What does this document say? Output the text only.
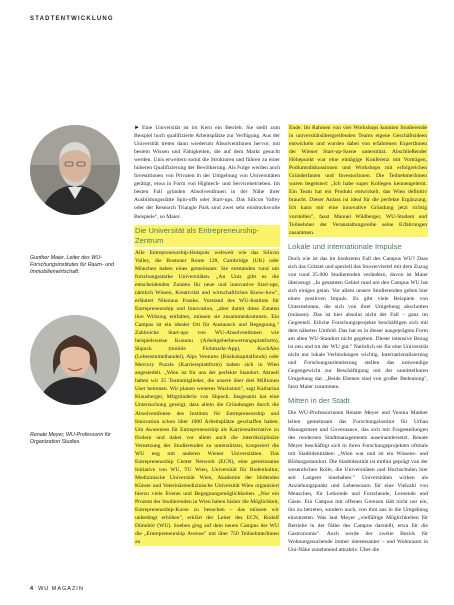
STADTENTWICKLUNG
Gunther Maier, Leiter des WU-Forschungsinstitutes für Raum- und Immobilienwirtschaft.
Renate Meyer, WU-Professorin für Organization Studies.

► Eine Universität ist im Kern ein Betrieb. Sie stellt zum Beispiel hoch qualifizierte Arbeitsplätze zur Verfügung. Aus der Universität treten dann wiederum AbsolventInnen hervor, mit bestem Wissen und Fähigkeiten, die auf dem Markt gesucht werden. Unis erweitern somit die Strukturen und führen zu einer höheren Qualifizierung der Bevölkerung. Als Folge werden auch Investitionen von Privaten in der Umgebung von Universitäten getätigt, etwa in Form von Hightech- und Servicebetrieben. Im besten Fall gründen AbsolventInnen in der Nähe ihrer Ausbildungsstätte Spin-offs oder Start-ups. Das Silicon Valley oder der Research Triangle Park sind zwei sehr eindrucksvolle Beispiele", so Maier.

Die Universität als Entrepreneurship-Zentrum

Alle Entrepreneurship-Hotspots weltweit wie das Silicon Valley, die Bostoner Route 128, Cambridge (UK) oder München haben eines gemeinsam: Sie entstanden rund um forschungsstarke Universitäten. „An Unis gibt es die entscheidenden Zutaten für neue und innovative Start-ups, nämlich Wissen, Kreativität und wirtschaftliches Know-how", erläutert Nikolaus Franke, Vorstand des WU-Instituts für Entrepreneurship und Innovation, „aber damit diese Zutaten ihre Wirkung entfalten, müssen sie zusammenkommen. Ein Campus ist ein idealer Ort für Austausch und Begegnung." Zahlreiche Start-ups von WU-AbsolventInnen wie beispielsweise Kununu (Arbeitgeberbewertungsplattform), Shpock (mobile Flohmarkt-App), KochAbo (Lebensmittelhandel), Alps Ventures (Risikokapitalfonds) oder Mercury Puzzle (Karriereplattform) haben sich in Wien angesiedelt. „Wien ist für uns der perfekte Standort. Aktuell haben wir 25 Teammitglieder, die unsere über drei Millionen User betreuen. Wir planen weiteres Wachstum", sagt Katharina Klausberger, Mitgründerin von Shpock. Insgesamt hat eine Untersuchung gezeigt, dass allein die Gründungen durch die AbsolventInnen des Instituts für Entrepreneurship und Innovation schon über 1000 Arbeitsplätze geschaffen haben. Um Awareness für Entrepreneurship als Karrierealternative zu fördern und dabei vor allem auch die interdisziplinäre Vernetzung der Studierenden zu unterstützen, kooperiert die WU eng mit anderen Wiener Universitäten. Das Entrepreneurship Center Network (ECN), eine gemeinsame Initiative von WU, TU Wien, Universität für Bodenkultur, Medizinische Universität Wien, Akademie der bildenden Künste und Veterinärmedizinische Universität Wien organisiert hierzu viele Events und Begegnungsmöglichkeiten. „Nur ein Prozent der Studierenden in Wien haben bisher die Möglichkeit, Entrepreneurship-Kurse zu besuchen – das müssen wir unbedingt erhöhen", erklärt der Leiter des ECN, Rudolf Dömötör (WU). Soeben ging auf dem neuen Campus der WU die „Entrepreneurship Avenue" mit über 750 TeilnehmerInnen zu

Ende. Im Rahmen von vier Workshops konnten Studierende in universitätsübergreifenden Teams eigene Geschäftsideen entwickeln und wurden dabei von erfahrenen ExpertInnen der Wiener Start-up-Szene unterstützt. Abschließender Höhepunkt war eine eintägige Konferenz mit Vorträgen, Podiumsdiskussionen und Workshops mit erfolgreichen GründerInnen und InvestorInnen. Die TeilnehmerInnen waren begeistert: „Ich habe super Kollegen kennengelernt. Ein Team hat ein Produkt entwickelt, das Wien definitiv braucht. Dieser Anlass ist ideal für die perfekte Ergänzung. Ich kann mir eine innovative Gründung jetzt richtig vorstellen", fasst Manuel Wildberger, WU-Student und Teilnehmer der Veranstaltungsreihe seine Erfahrungen zusammen.

Lokale und internationale Impulse

Doch wie ist das im konkreten Fall des Campus WU? Dass sich das Grätzel und speziell das Stuwerviertel mit dem Zuzug von rund 25.000 Studierenden verändern, davon ist Maier überzeugt: „In gesamten Gebiet rund um den Campus WU hat sich einiges getan. Vor allem unsere Studierenden geben hier einen positiven Impuls. Es gibt viele Beispiele von Unternehmen, die sich von ihrer Umgebung abschotten (müssen). Das ist hier absolut nicht der Fall – ganz im Gegenteil. Etliche Forschungsprojekte beschäftigen sich mit dem näheren Umfeld. Das hat es in dieser ausgeprägten Form am alten WU-Standort nicht gegeben. Dieser intensive Bezug ist neu und tut der WU gut." Natürlich sei für eine Universität nicht nur lokale Verbindungen wichtig. Internationalisierung und Forschungsorientierung stellen das notwendige Gegengewicht zur Beschäftigung mit der unmittelbaren Umgebung dar. „Beide Ebenen sind von großer Bedeutung", fasst Maier zusammen.

Mitten in der Stadt

Die WU-Professorinnen Renate Meyer und Verena Madner leiten gemeinsam das Forschungsinstitut für Urban Management und Governance, das sich mit Fragestellungen des modernen Stadtmanagements auseinandersetzt. Renate Meyer beschäftigt sich in ihren Forschungsprojekten oftmals mit Stadtidentitäten: „Wien war und ist ein Wissens- und Bildungsstandort. Die Stadtidentität ist mithin geprägt von der wesentlichen Rolle, die Universitäten und Hochschulen hier seit Langem innehaben." Universitäten wirken als Anziehungspunkt und Lebensraum für eine Vielzahl von Menschen, für Lehrende und Forschende, Lernende und Gäste. Ein Campus mit offenen Grenzen lädt nicht nur ein, ihn zu betreten, sondern auch, von ihm aus in die Umgebung einzutreten. Was laut Meyer „vielfältige Möglichkeiten für Betriebe in der Nähe des Campus darstellt, etwa für die Gastronomie". Auch werde der zweite Bezirk für Wohnungssuchende immer interessanter – und Wohnraum in Uni-Nähe zunehmend attraktiv. Über die

4 WU MAGAZIN
